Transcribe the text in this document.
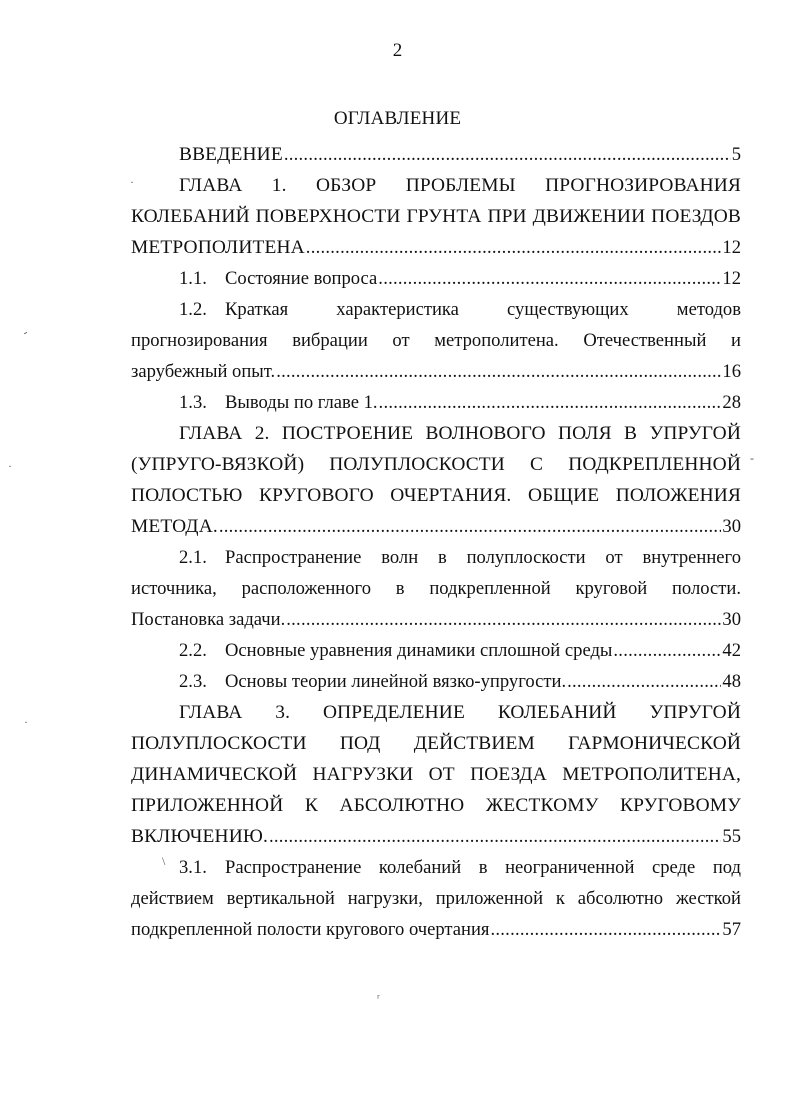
2
ОГЛАВЛЕНИЕ
ВВЕДЕНИЕ . . .	5
ГЛАВА 1. ОБЗОР ПРОБЛЕМЫ ПРОГНОЗИРОВАНИЯ
КОЛЕБАНИЙ ПОВЕРХНОСТИ ГРУНТА ПРИ ДВИЖЕНИИ ПОЕЗДОВ
МЕТРОПОЛИТЕНА . . .	12
1.1. Состояние вопроса . . .	12
1.2. Краткая характеристика существующих методов
прогнозирования вибрации от метрополитена. Отечественный и
зарубежный опыт. . . .	16
1.3. Выводы по главе 1. . . .	28
ГЛАВА 2. ПОСТРОЕНИЕ ВОЛНОВОГО ПОЛЯ В УПРУГОЙ
(УПРУГО-ВЯЗКОЙ) ПОЛУПЛОСКОСТИ С ПОДКРЕПЛЕННОЙ
ПОЛОСТЬЮ КРУГОВОГО ОЧЕРТАНИЯ. ОБЩИЕ ПОЛОЖЕНИЯ
МЕТОДА. . . .	30
2.1. Распространение волн в полуплоскости от внутреннего
источника, расположенного в подкрепленной круговой полости.
Постановка задачи. . . .	30
2.2. Основные уравнения динамики сплошной среды . . .	42
2.3. Основы теории линейной вязко-упругости. . . .	48
ГЛАВА 3. ОПРЕДЕЛЕНИЕ КОЛЕБАНИЙ УПРУГОЙ
ПОЛУПЛОСКОСТИ ПОД ДЕЙСТВИЕМ ГАРМОНИЧЕСКОЙ
ДИНАМИЧЕСКОЙ НАГРУЗКИ ОТ ПОЕЗДА МЕТРОПОЛИТЕНА,
ПРИЛОЖЕННОЙ К АБСОЛЮТНО ЖЕСТКОМУ КРУГОВОМУ
ВКЛЮЧЕНИЮ. . . .	55
3.1. Распространение колебаний в неограниченной среде под
действием вертикальной нагрузки, приложенной к абсолютно жесткой
подкрепленной полости кругового очертания . . .	57
·
-
·
-
·
\
ʳ
